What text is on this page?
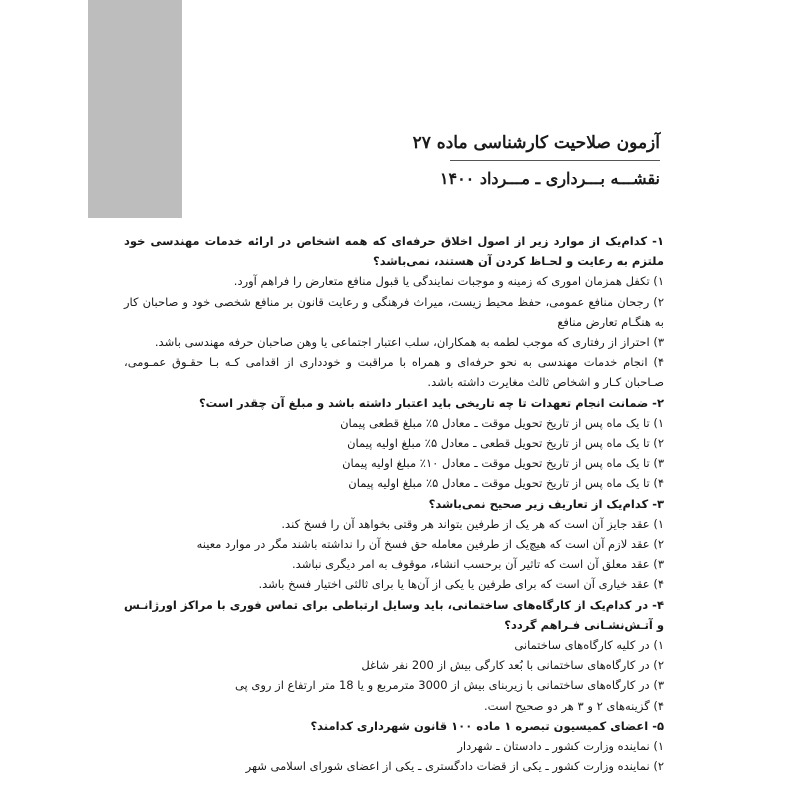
آزمون صلاحیت کارشناسی ماده ۲۷
نقشـــه بـــرداری ـ مـــرداد ۱۴۰۰
۱- کدام‌یک از موارد زیر از اصول اخلاق حرفه‌ای که همه اشخاص در ارائه خدمات مهندسی خود ملتزم به رعایت و لحـاظ کردن آن هستند، نمی‌باشد؟
۱) تکفل همزمان اموری که زمینه و موجبات نمایندگی یا قبول منافع متعارض را فراهم آورد.
۲) رجحان منافع عمومی، حفظ محیط زیست، میراث فرهنگی و رعایت قانون بر منافع شخصی خود و صاحبان کار به هنگـام تعارض منافع
۳) احتراز از رفتاری که موجب لطمه به همکاران، سلب اعتبار اجتماعی یا وهن صاحبان حرفه مهندسی باشد.
۴) انجام خدمات مهندسی به نحو حرفه‌ای و همراه با مراقبت و خودداری از اقدامی کـه بـا حقـوق عمـومی، صـاحبان کـار و اشخاص ثالث مغایرت داشته باشد.
۲- ضمانت انجام تعهدات تا چه تاریخی باید اعتبار داشته باشد و مبلغ آن چقدر است؟
۱) تا یک ماه پس از تاریخ تحویل موقت ـ معادل ۵٪ مبلغ قطعی پیمان
۲) تا یک ماه پس از تاریخ تحویل قطعی ـ معادل ۵٪ مبلغ اولیه پیمان
۳) تا یک ماه پس از تاریخ تحویل موقت ـ معادل ۱۰٪ مبلغ اولیه پیمان
۴) تا یک ماه پس از تاریخ تحویل موقت ـ معادل ۵٪ مبلغ اولیه پیمان
۳- کدام‌یک از تعاریف زیر صحیح نمی‌باشد؟
۱) عقد جایز آن است که هر یک از طرفین بتواند هر وقتی بخواهد آن را فسخ کند.
۲) عقد لازم آن است که هیچ‌یک از طرفین معامله حق فسخ آن را نداشته باشند مگر در موارد معینه
۳) عقد معلق آن است که تاثیر آن برحسب انشاء، موقوف به امر دیگری نباشد.
۴) عقد خیاری آن است که برای طرفین یا یکی از آن‌ها یا برای ثالثی اختیار فسخ باشد.
۴- در کدام‌یک از کارگاه‌های ساختمانی، باید وسایل ارتباطی برای تماس فوری با مراکز اورژانـس و آتـش‌نشـانی فـراهم گردد؟
۱) در کلیه کارگاه‌های ساختمانی
۲) در کارگاه‌های ساختمانی با بُعد کارگی بیش از 200 نفر شاغل
۳) در کارگاه‌های ساختمانی با زیربنای بیش از 3000 مترمربع و یا 18 متر ارتفاع از روی پی
۴) گزینه‌های ۲ و ۳ هر دو صحیح است.
۵- اعضای کمیسیون تبصره ۱ ماده ۱۰۰ قانون شهرداری کدامند؟
۱) نماینده وزارت کشور ـ دادستان ـ شهردار
۲) نماینده وزارت کشور ـ یکی از قضات دادگستری ـ یکی از اعضای شورای اسلامی شهر
